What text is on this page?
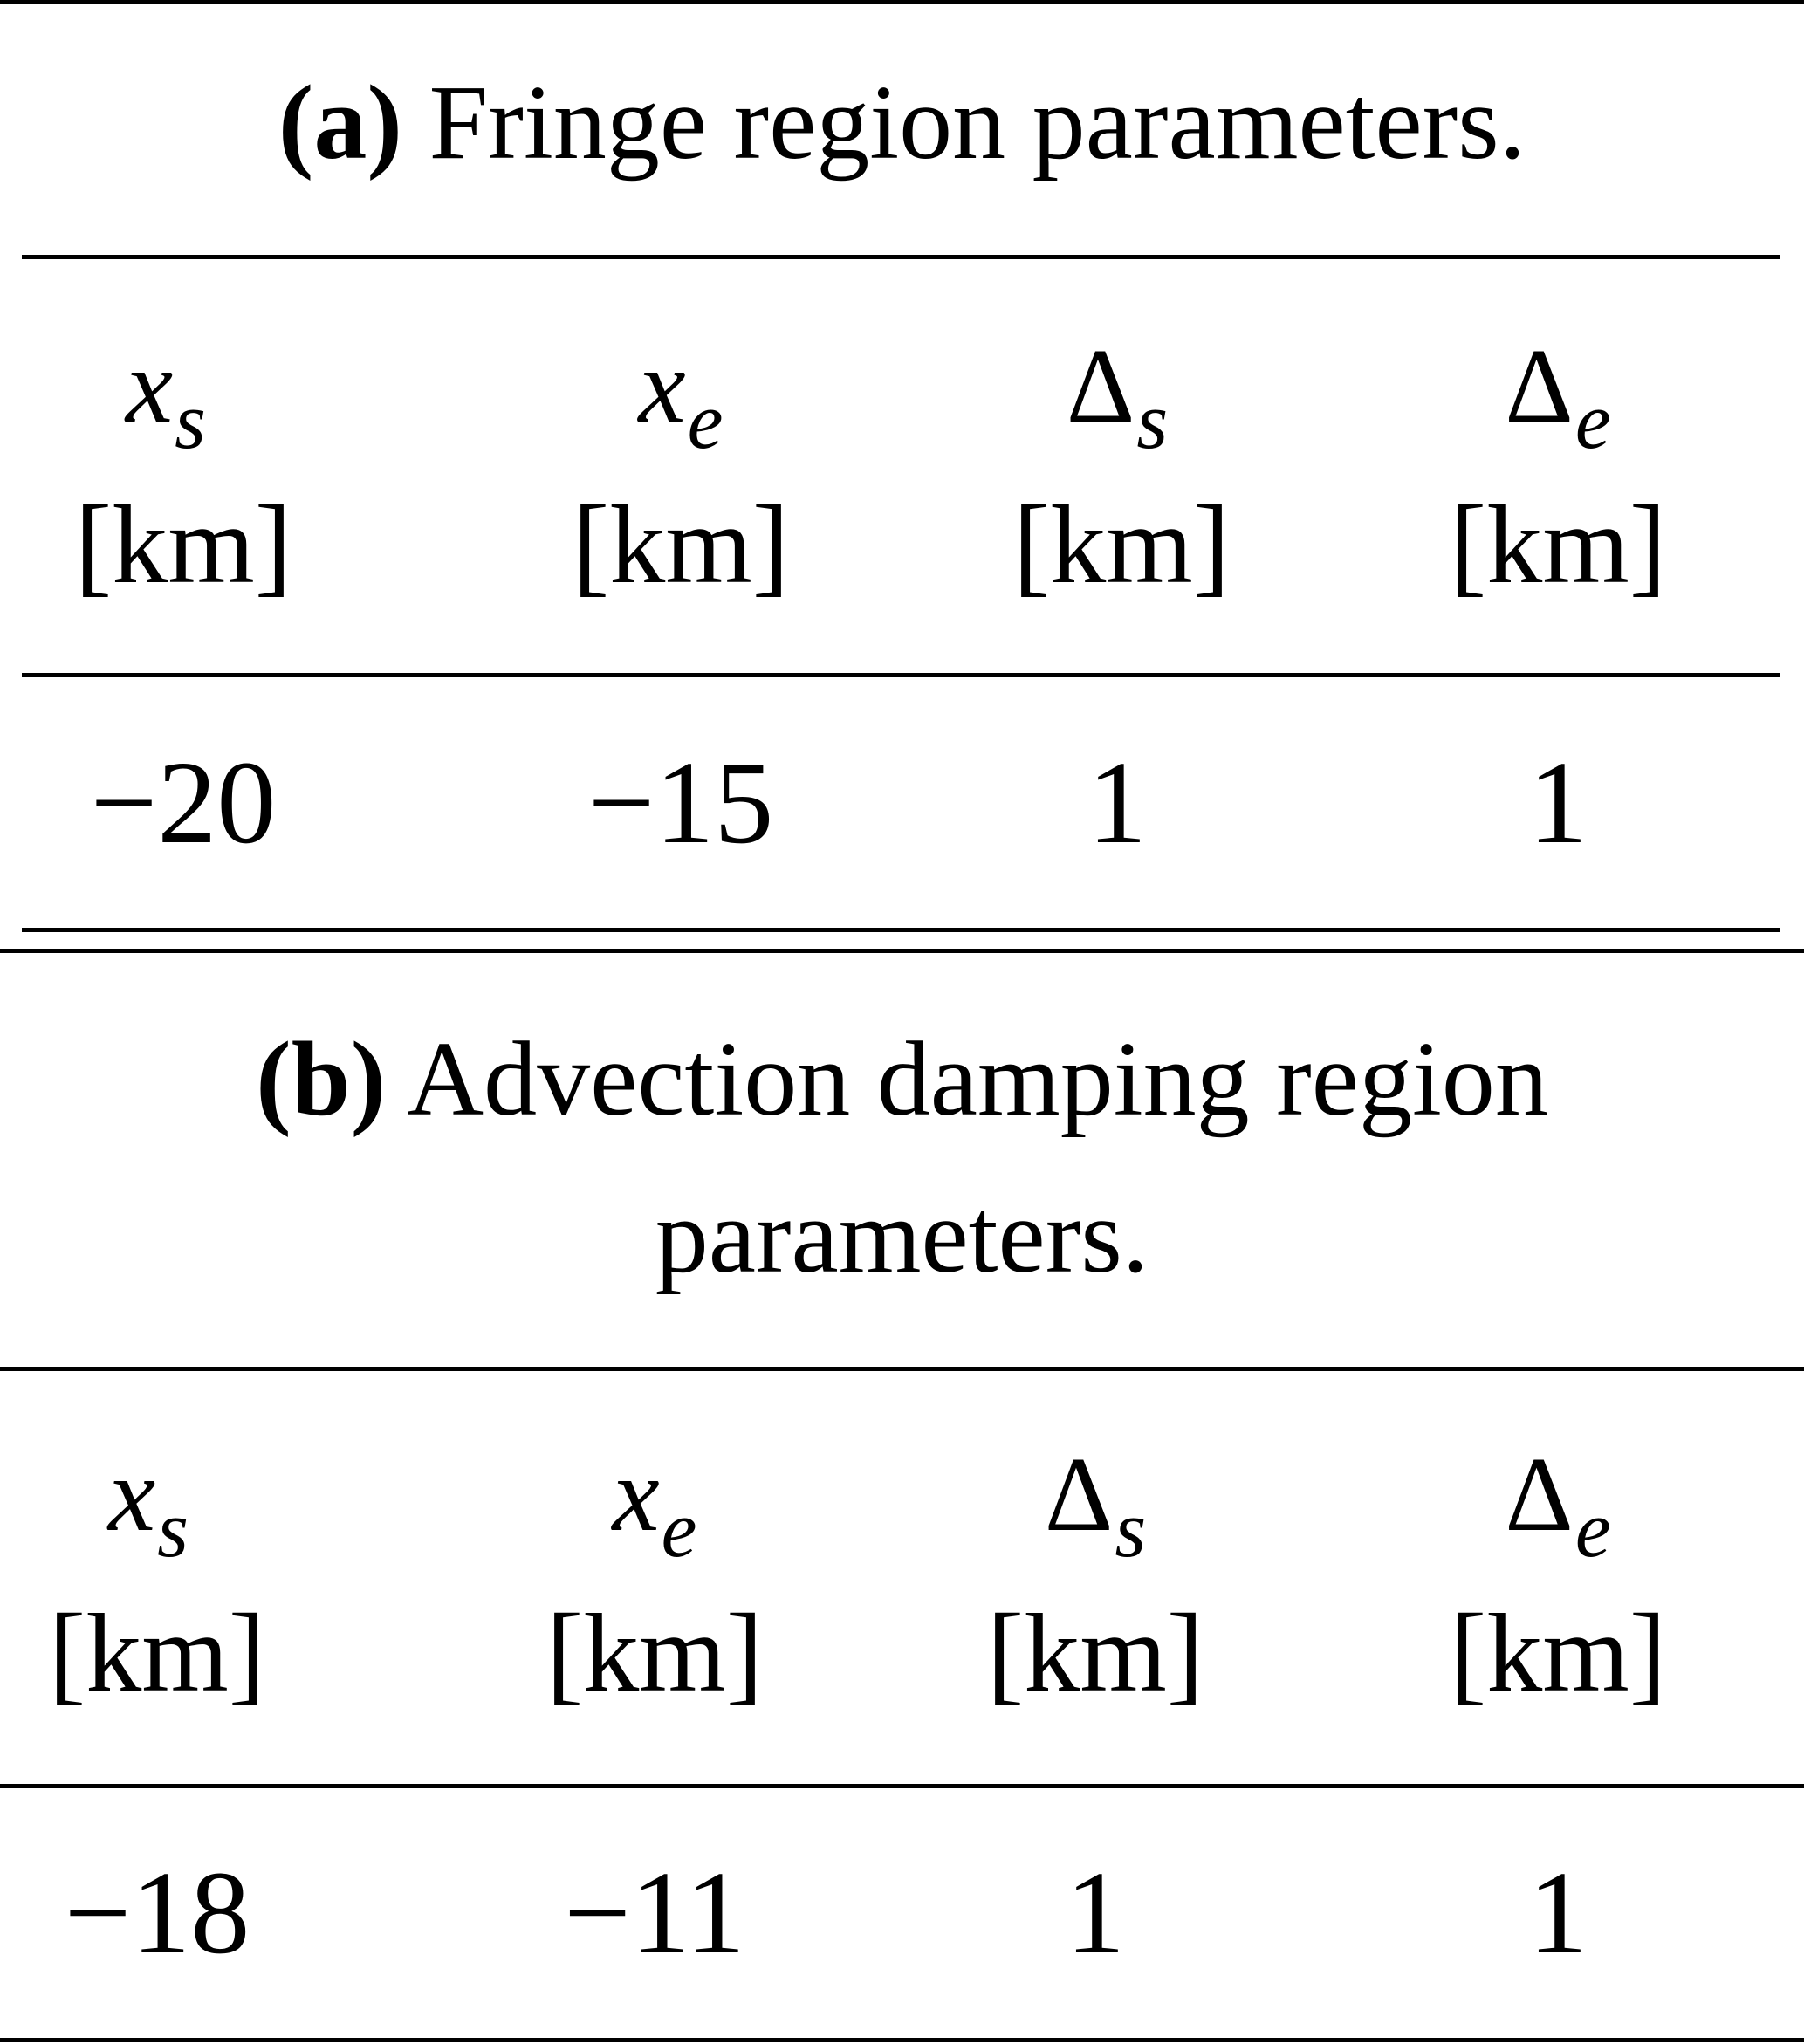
(a) Fringe region parameters.
$x_s$	$x_e$	$\Delta_s$	$\Delta_e$
[km]	[km]	[km]	[km]
−20	−15	1	1
(b) Advection damping region
parameters.
$x_s$	$x_e$	$\Delta_s$	$\Delta_e$
[km]	[km]	[km]	[km]
−18	−11	1	1
